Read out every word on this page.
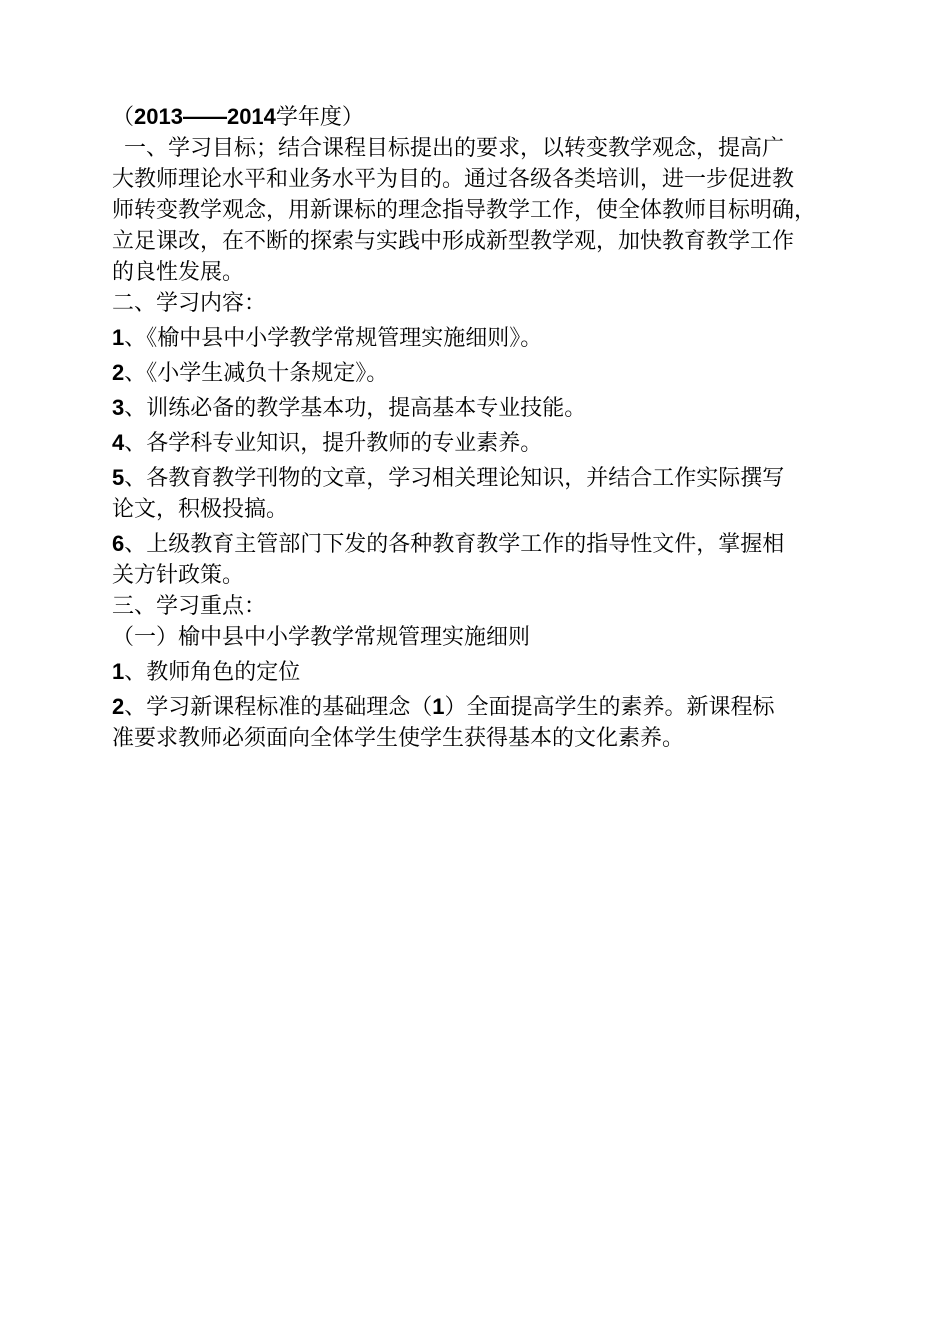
（2013——2014学年度）
一、学习目标；结合课程目标提出的要求，以转变教学观念，提高广
大教师理论水平和业务水平为目的。通过各级各类培训，进一步促进教
师转变教学观念，用新课标的理念指导教学工作，使全体教师目标明确，
立足课改，在不断的探索与实践中形成新型教学观，加快教育教学工作
的良性发展。
二、学习内容：
1、《榆中县中小学教学常规管理实施细则》。
2、《小学生减负十条规定》。
3、训练必备的教学基本功，提高基本专业技能。
4、各学科专业知识，提升教师的专业素养。
5、各教育教学刊物的文章，学习相关理论知识，并结合工作实际撰写
论文，积极投搞。
6、上级教育主管部门下发的各种教育教学工作的指导性文件，掌握相
关方针政策。
三、学习重点：
（一）榆中县中小学教学常规管理实施细则
1、教师角色的定位
2、学习新课程标准的基础理念（1）全面提高学生的素养。新课程标
准要求教师必须面向全体学生使学生获得基本的文化素养。
